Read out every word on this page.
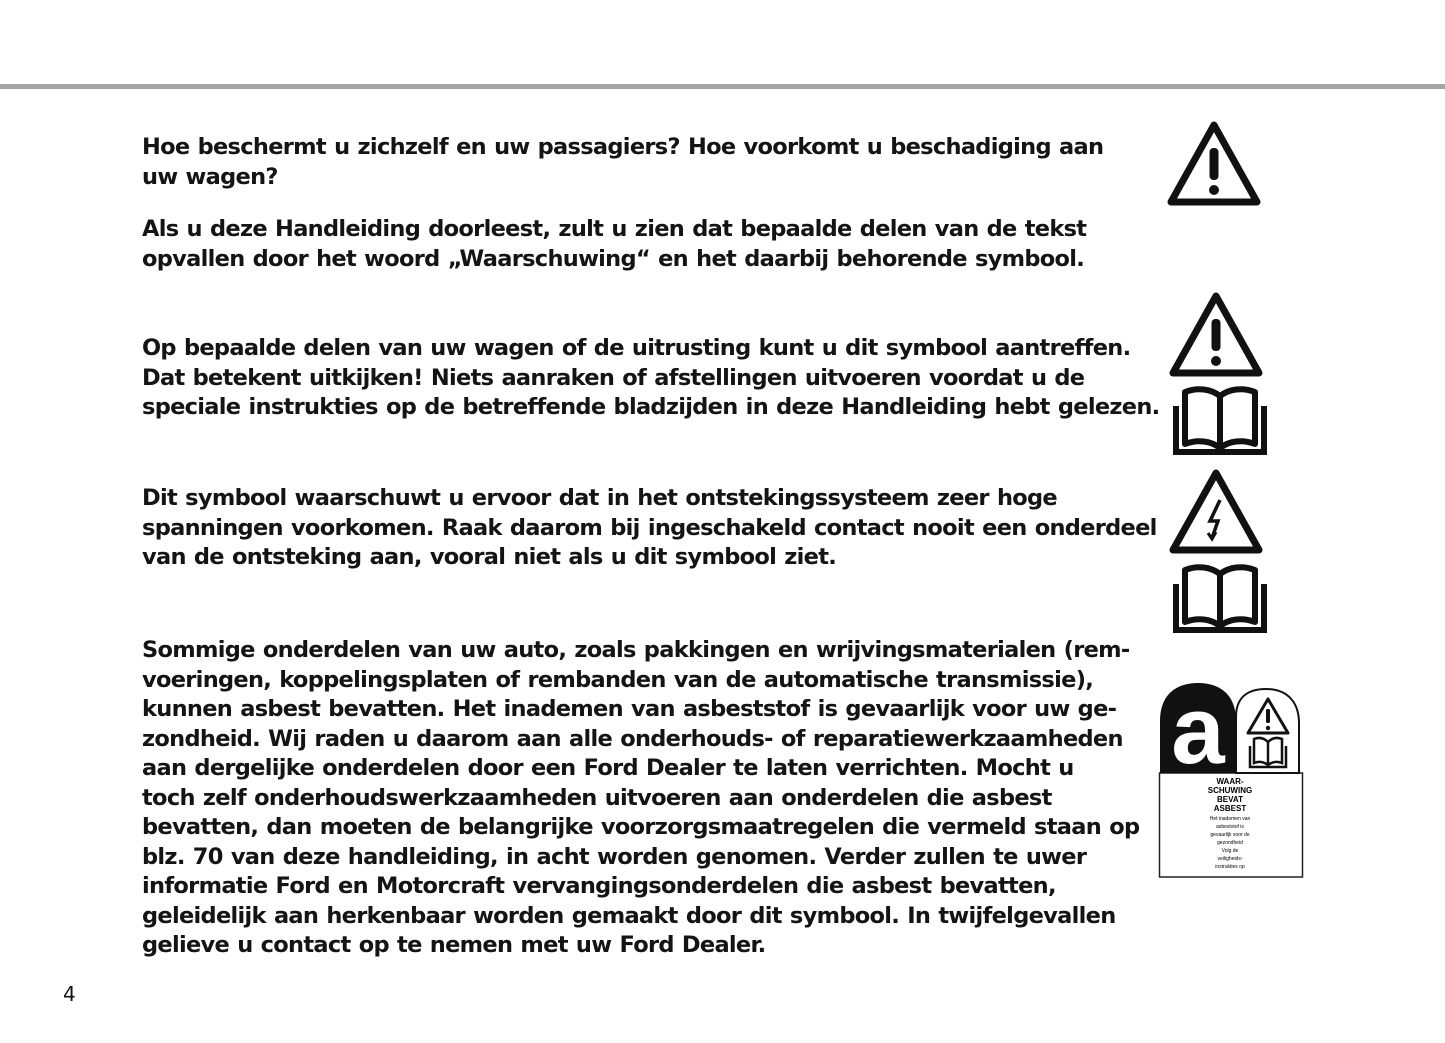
Hoe beschermt u zichzelf en uw passagiers? Hoe voorkomt u beschadiging aan
uw wagen?

Als u deze Handleiding doorleest, zult u zien dat bepaalde delen van de tekst
opvallen door het woord „Waarschuwing“ en het daarbij behorende symbool.

Op bepaalde delen van uw wagen of de uitrusting kunt u dit symbool aantreffen.
Dat betekent uitkijken! Niets aanraken of afstellingen uitvoeren voordat u de
speciale instrukties op de betreffende bladzijden in deze Handleiding hebt gelezen.

Dit symbool waarschuwt u ervoor dat in het ontstekingssysteem zeer hoge
spanningen voorkomen. Raak daarom bij ingeschakeld contact nooit een onderdeel
van de ontsteking aan, vooral niet als u dit symbool ziet.

Sommige onderdelen van uw auto, zoals pakkingen en wrijvingsmaterialen (rem-
voeringen, koppelingsplaten of rembanden van de automatische transmissie),
kunnen asbest bevatten. Het inademen van asbeststof is gevaarlijk voor uw ge-
zondheid. Wij raden u daarom aan alle onderhouds- of reparatiewerkzaamheden
aan dergelijke onderdelen door een Ford Dealer te laten verrichten. Mocht u
toch zelf onderhoudswerkzaamheden uitvoeren aan onderdelen die asbest
bevatten, dan moeten de belangrijke voorzorgsmaatregelen die vermeld staan op
blz. 70 van deze handleiding, in acht worden genomen. Verder zullen te uwer
informatie Ford en Motorcraft vervangingsonderdelen die asbest bevatten,
geleidelijk aan herkenbaar worden gemaakt door dit symbool. In twijfelgevallen
gelieve u contact op te nemen met uw Ford Dealer.

a
WAAR-
SCHUWING
BEVAT
ASBEST
Het inademen van
asbeststof is
gevaarlijk voor de
gezondheid
Volg de
veiligheids-
instrukties op
4
